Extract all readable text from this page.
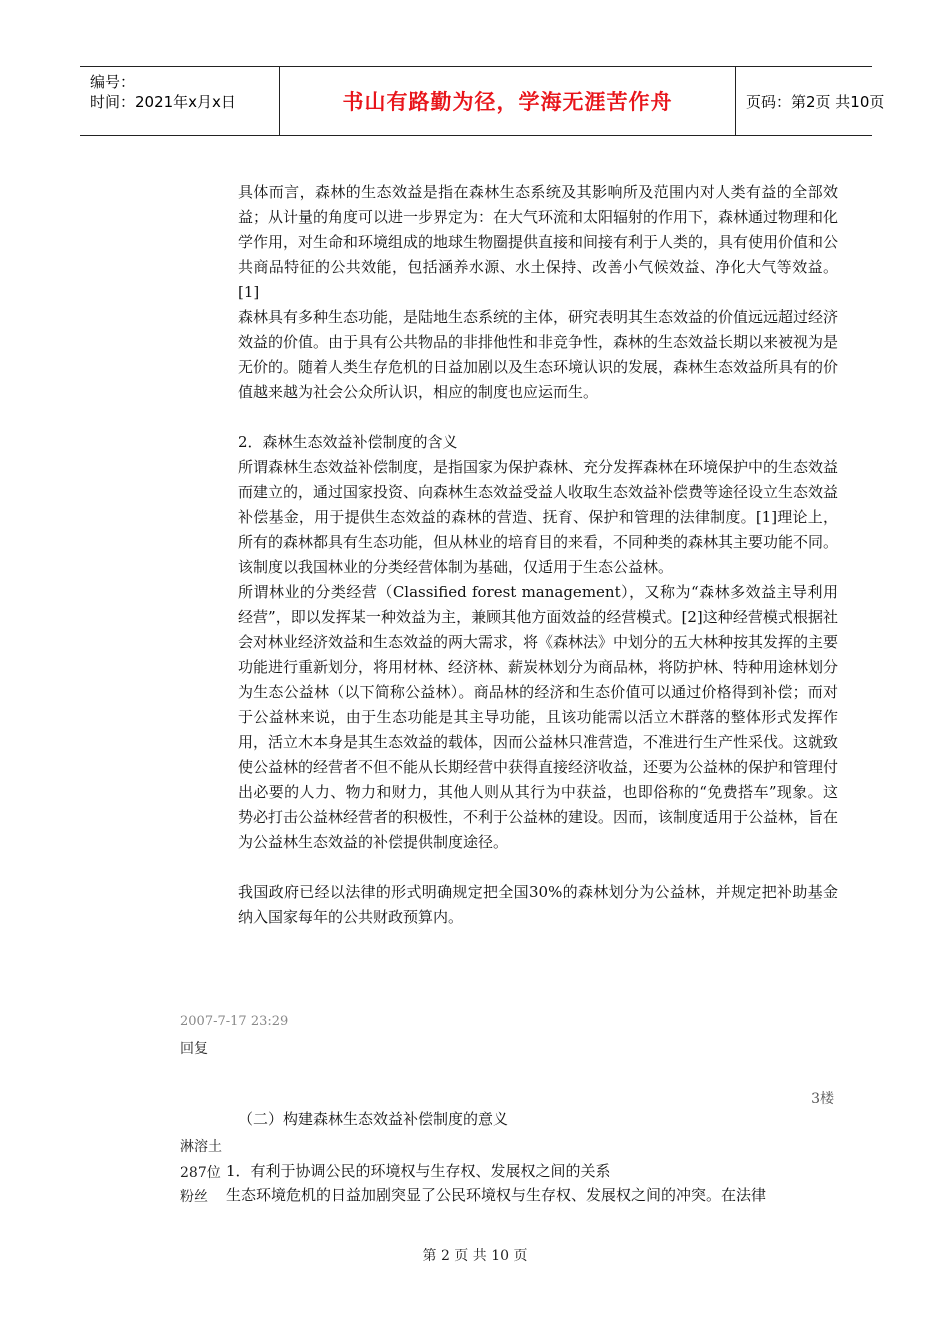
编号：
时间：2021年x月x日	书山有路勤为径，学海无涯苦作舟	页码：第2页 共10页

具体而言，森林的生态效益是指在森林生态系统及其影响所及范围内对人类有益的全部效益；从计量的角度可以进一步界定为：在大气环流和太阳辐射的作用下，森林通过物理和化学作用，对生命和环境组成的地球生物圈提供直接和间接有利于人类的，具有使用价值和公共商品特征的公共效能，包括涵养水源、水土保持、改善小气候效益、净化大气等效益。[1]

森林具有多种生态功能，是陆地生态系统的主体，研究表明其生态效益的价值远远超过经济效益的价值。由于具有公共物品的非排他性和非竞争性，森林的生态效益长期以来被视为是无价的。随着人类生存危机的日益加剧以及生态环境认识的发展，森林生态效益所具有的价值越来越为社会公众所认识，相应的制度也应运而生。

2．森林生态效益补偿制度的含义

所谓森林生态效益补偿制度，是指国家为保护森林、充分发挥森林在环境保护中的生态效益而建立的，通过国家投资、向森林生态效益受益人收取生态效益补偿费等途径设立生态效益补偿基金，用于提供生态效益的森林的营造、抚育、保护和管理的法律制度。[1]理论上，所有的森林都具有生态功能，但从林业的培育目的来看，不同种类的森林其主要功能不同。该制度以我国林业的分类经营体制为基础，仅适用于生态公益林。

所谓林业的分类经营（Classified forest management），又称为“森林多效益主导利用经营”，即以发挥某一种效益为主，兼顾其他方面效益的经营模式。[2]这种经营模式根据社会对林业经济效益和生态效益的两大需求，将《森林法》中划分的五大林种按其发挥的主要功能进行重新划分，将用材林、经济林、薪炭林划分为商品林，将防护林、特种用途林划分为生态公益林（以下简称公益林）。商品林的经济和生态价值可以通过价格得到补偿；而对于公益林来说，由于生态功能是其主导功能，且该功能需以活立木群落的整体形式发挥作用，活立木本身是其生态效益的载体，因而公益林只准营造，不准进行生产性采伐。这就致使公益林的经营者不但不能从长期经营中获得直接经济收益，还要为公益林的保护和管理付出必要的人力、物力和财力，其他人则从其行为中获益，也即俗称的“免费搭车”现象。这势必打击公益林经营者的积极性，不利于公益林的建设。因而，该制度适用于公益林，旨在为公益林生态效益的补偿提供制度途径。

我国政府已经以法律的形式明确规定把全国30%的森林划分为公益林，并规定把补助基金纳入国家每年的公共财政预算内。

2007-7-17 23:29
回复
3楼
（二）构建森林生态效益补偿制度的意义
淋溶土
287位
粉丝
1．有利于协调公民的环境权与生存权、发展权之间的关系
生态环境危机的日益加剧突显了公民环境权与生存权、发展权之间的冲突。在法律
第 2 页 共 10 页
